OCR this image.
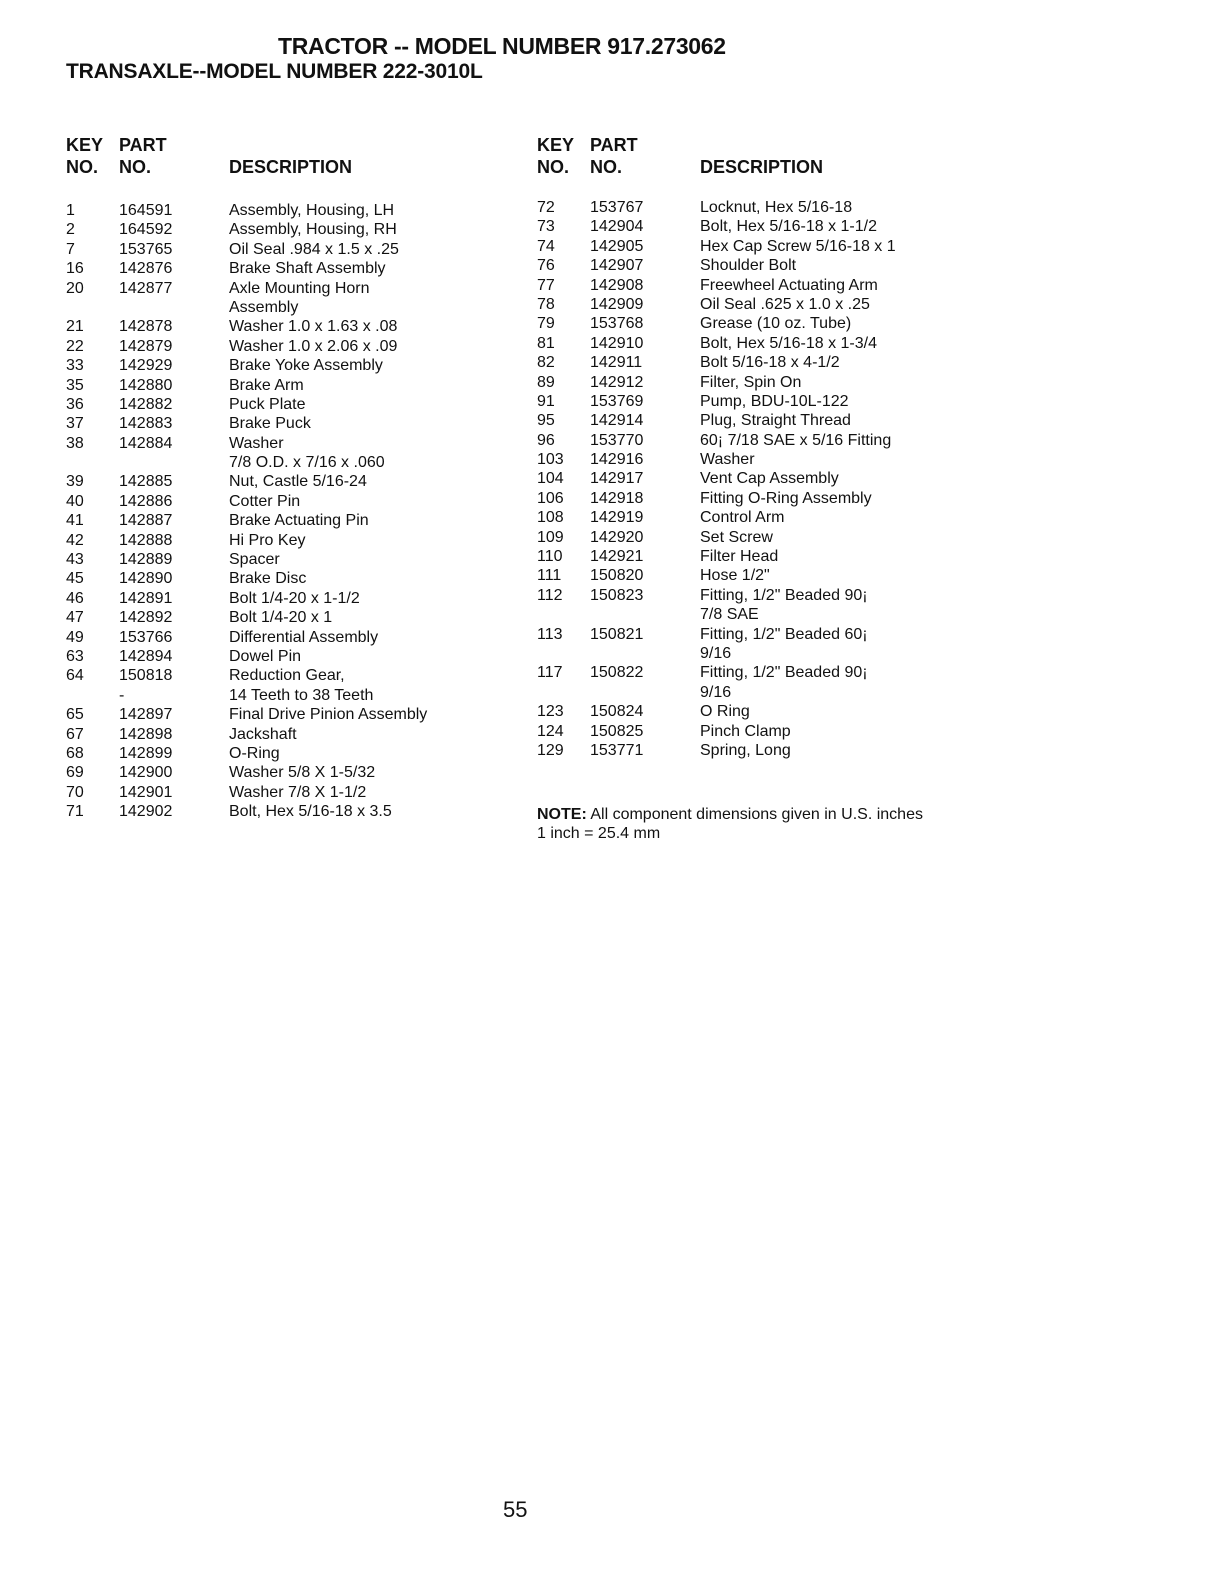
TRACTOR -- MODEL NUMBER 917.273062
TRANSAXLE--MODEL NUMBER 222-3010L
KEY
NO.
PART
NO.	DESCRIPTION
KEY
NO.
PART
NO.	DESCRIPTION
1	164591	Assembly, Housing, LH
2	164592	Assembly, Housing, RH
7	153765	Oil Seal .984 x 1.5 x .25
16 142876	Brake Shaft Assembly
20 142877	Axle Mounting Horn
Assembly
21 142878	Washer 1.0 x 1.63 x .08
22 142879	Washer 1.0 x 2.06 x .09
33 142929	Brake Yoke Assembly
35 142880	Brake Arm
36 142882	Puck Plate
37 142883	Brake Puck
38 142884	Washer
7/8 O.D. x 7/16 x .060
39 142885	Nut, Castle 5/16-24
40 142886	Cotter Pin
41 142887	Brake Actuating Pin
42 142888	Hi Pro Key
43 142889	Spacer
45 142890	Brake Disc
46 142891	Bolt 1/4-20 x 1-1/2
47 142892	Bolt 1/4-20 x 1
49 153766	Differential Assembly
63 142894	Dowel Pin
64 150818	Reduction Gear,
-	14 Teeth to 38 Teeth
65 142897	Final Drive Pinion Assembly
67 142898	Jackshaft
68 142899	O-Ring
69 142900	Washer 5/8 X 1-5/32
70 142901	Washer 7/8 X 1-1/2
71 142902	Bolt, Hex 5/16-18 x 3.5
72 153767	Locknut, Hex 5/16-18
73 142904	Bolt, Hex 5/16-18 x 1-1/2
74 142905	Hex Cap Screw 5/16-18 x 1
76 142907	Shoulder Bolt
77 142908	Freewheel Actuating Arm
78 142909	Oil Seal .625 x 1.0 x .25
79 153768	Grease (10 oz. Tube)
81 142910	Bolt, Hex 5/16-18 x 1-3/4
82 142911	Bolt 5/16-18 x 4-1/2
89 142912	Filter, Spin On
91 153769	Pump, BDU-10L-122
95 142914	Plug, Straight Thread
96 153770	60¡ 7/18 SAE x 5/16 Fitting
103 142916	Washer
104 142917	Vent Cap Assembly
106 142918	Fitting O-Ring Assembly
108 142919	Control Arm
109 142920	Set Screw
110 142921	Filter Head
111 150820	Hose 1/2"
112 150823	Fitting, 1/2" Beaded 90¡
7/8 SAE
113 150821	Fitting, 1/2" Beaded 60¡
9/16
117 150822	Fitting, 1/2" Beaded 90¡
9/16
123 150824	O Ring
124 150825	Pinch Clamp
129 153771	Spring, Long
NOTE: All component dimensions given in U.S. inches
1 inch = 25.4 mm
55
